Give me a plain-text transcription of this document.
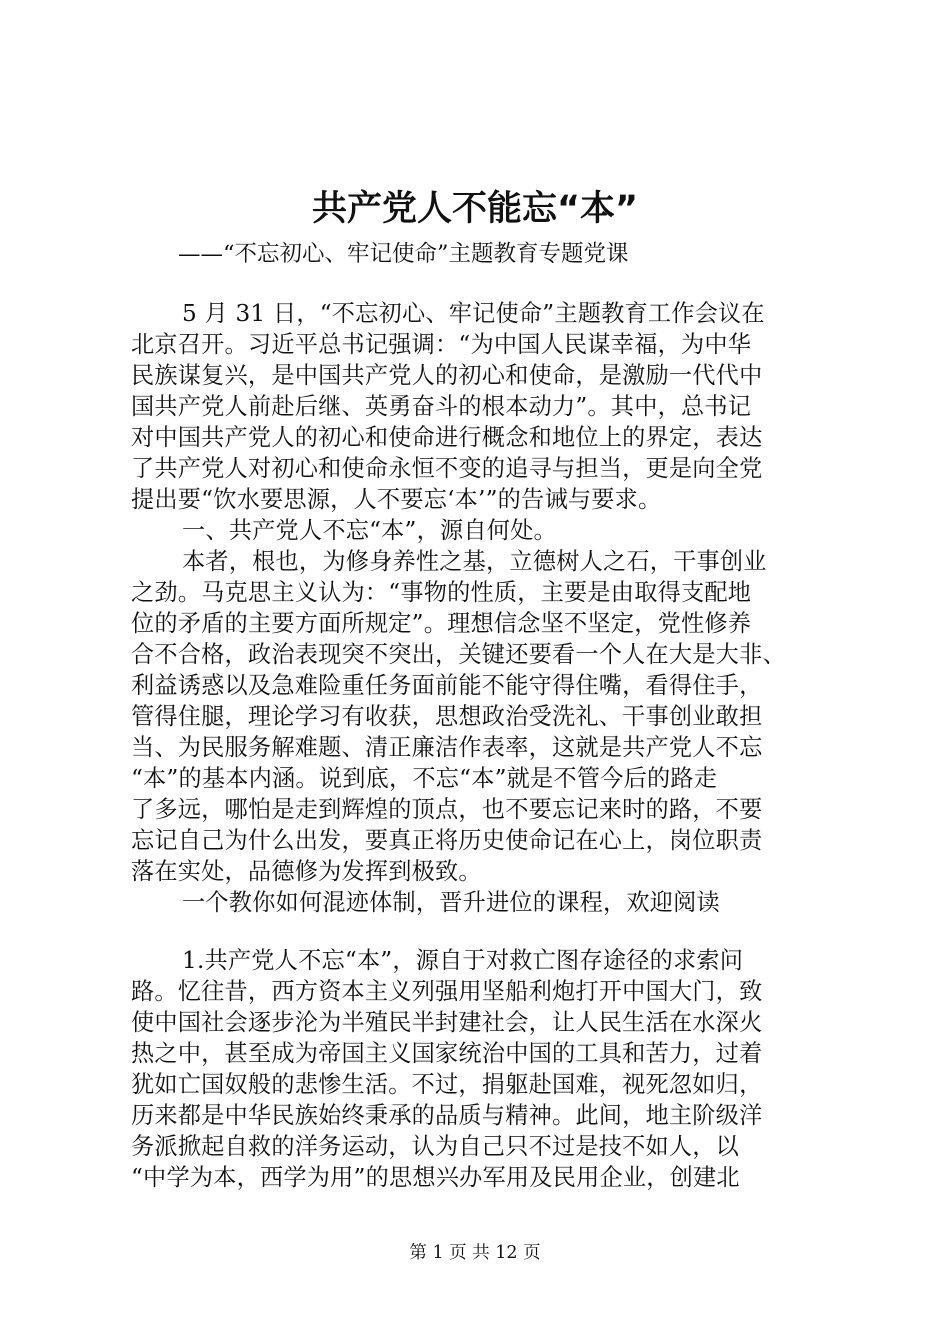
共产党人不能忘“本”
——“不忘初心、牢记使命”主题教育专题党课
5 月 31 日，“不忘初心、牢记使命”主题教育工作会议在
北京召开。习近平总书记强调：“为中国人民谋幸福，为中华
民族谋复兴，是中国共产党人的初心和使命，是激励一代代中
国共产党人前赴后继、英勇奋斗的根本动力”。其中，总书记
对中国共产党人的初心和使命进行概念和地位上的界定，表达
了共产党人对初心和使命永恒不变的追寻与担当，更是向全党
提出要“饮水要思源，人不要忘‘本’”的告诫与要求。
一、共产党人不忘“本”，源自何处。
本者，根也，为修身养性之基，立德树人之石，干事创业
之劲。马克思主义认为：“事物的性质，主要是由取得支配地
位的矛盾的主要方面所规定”。理想信念坚不坚定，党性修养
合不合格，政治表现突不突出，关键还要看一个人在大是大非、
利益诱惑以及急难险重任务面前能不能守得住嘴，看得住手，
管得住腿，理论学习有收获，思想政治受洗礼、干事创业敢担
当、为民服务解难题、清正廉洁作表率，这就是共产党人不忘
“本”的基本内涵。说到底，不忘“本”就是不管今后的路走
了多远，哪怕是走到辉煌的顶点，也不要忘记来时的路，不要
忘记自己为什么出发，要真正将历史使命记在心上，岗位职责
落在实处，品德修为发挥到极致。
一个教你如何混迹体制，晋升进位的课程，欢迎阅读
1.共产党人不忘“本”，源自于对救亡图存途径的求索问
路。忆往昔，西方资本主义列强用坚船利炮打开中国大门，致
使中国社会逐步沦为半殖民半封建社会，让人民生活在水深火
热之中，甚至成为帝国主义国家统治中国的工具和苦力，过着
犹如亡国奴般的悲惨生活。不过，捐躯赴国难，视死忽如归，
历来都是中华民族始终秉承的品质与精神。此间，地主阶级洋
务派掀起自救的洋务运动，认为自己只不过是技不如人，以
“中学为本，西学为用”的思想兴办军用及民用企业，创建北
第 1 页 共 12 页
